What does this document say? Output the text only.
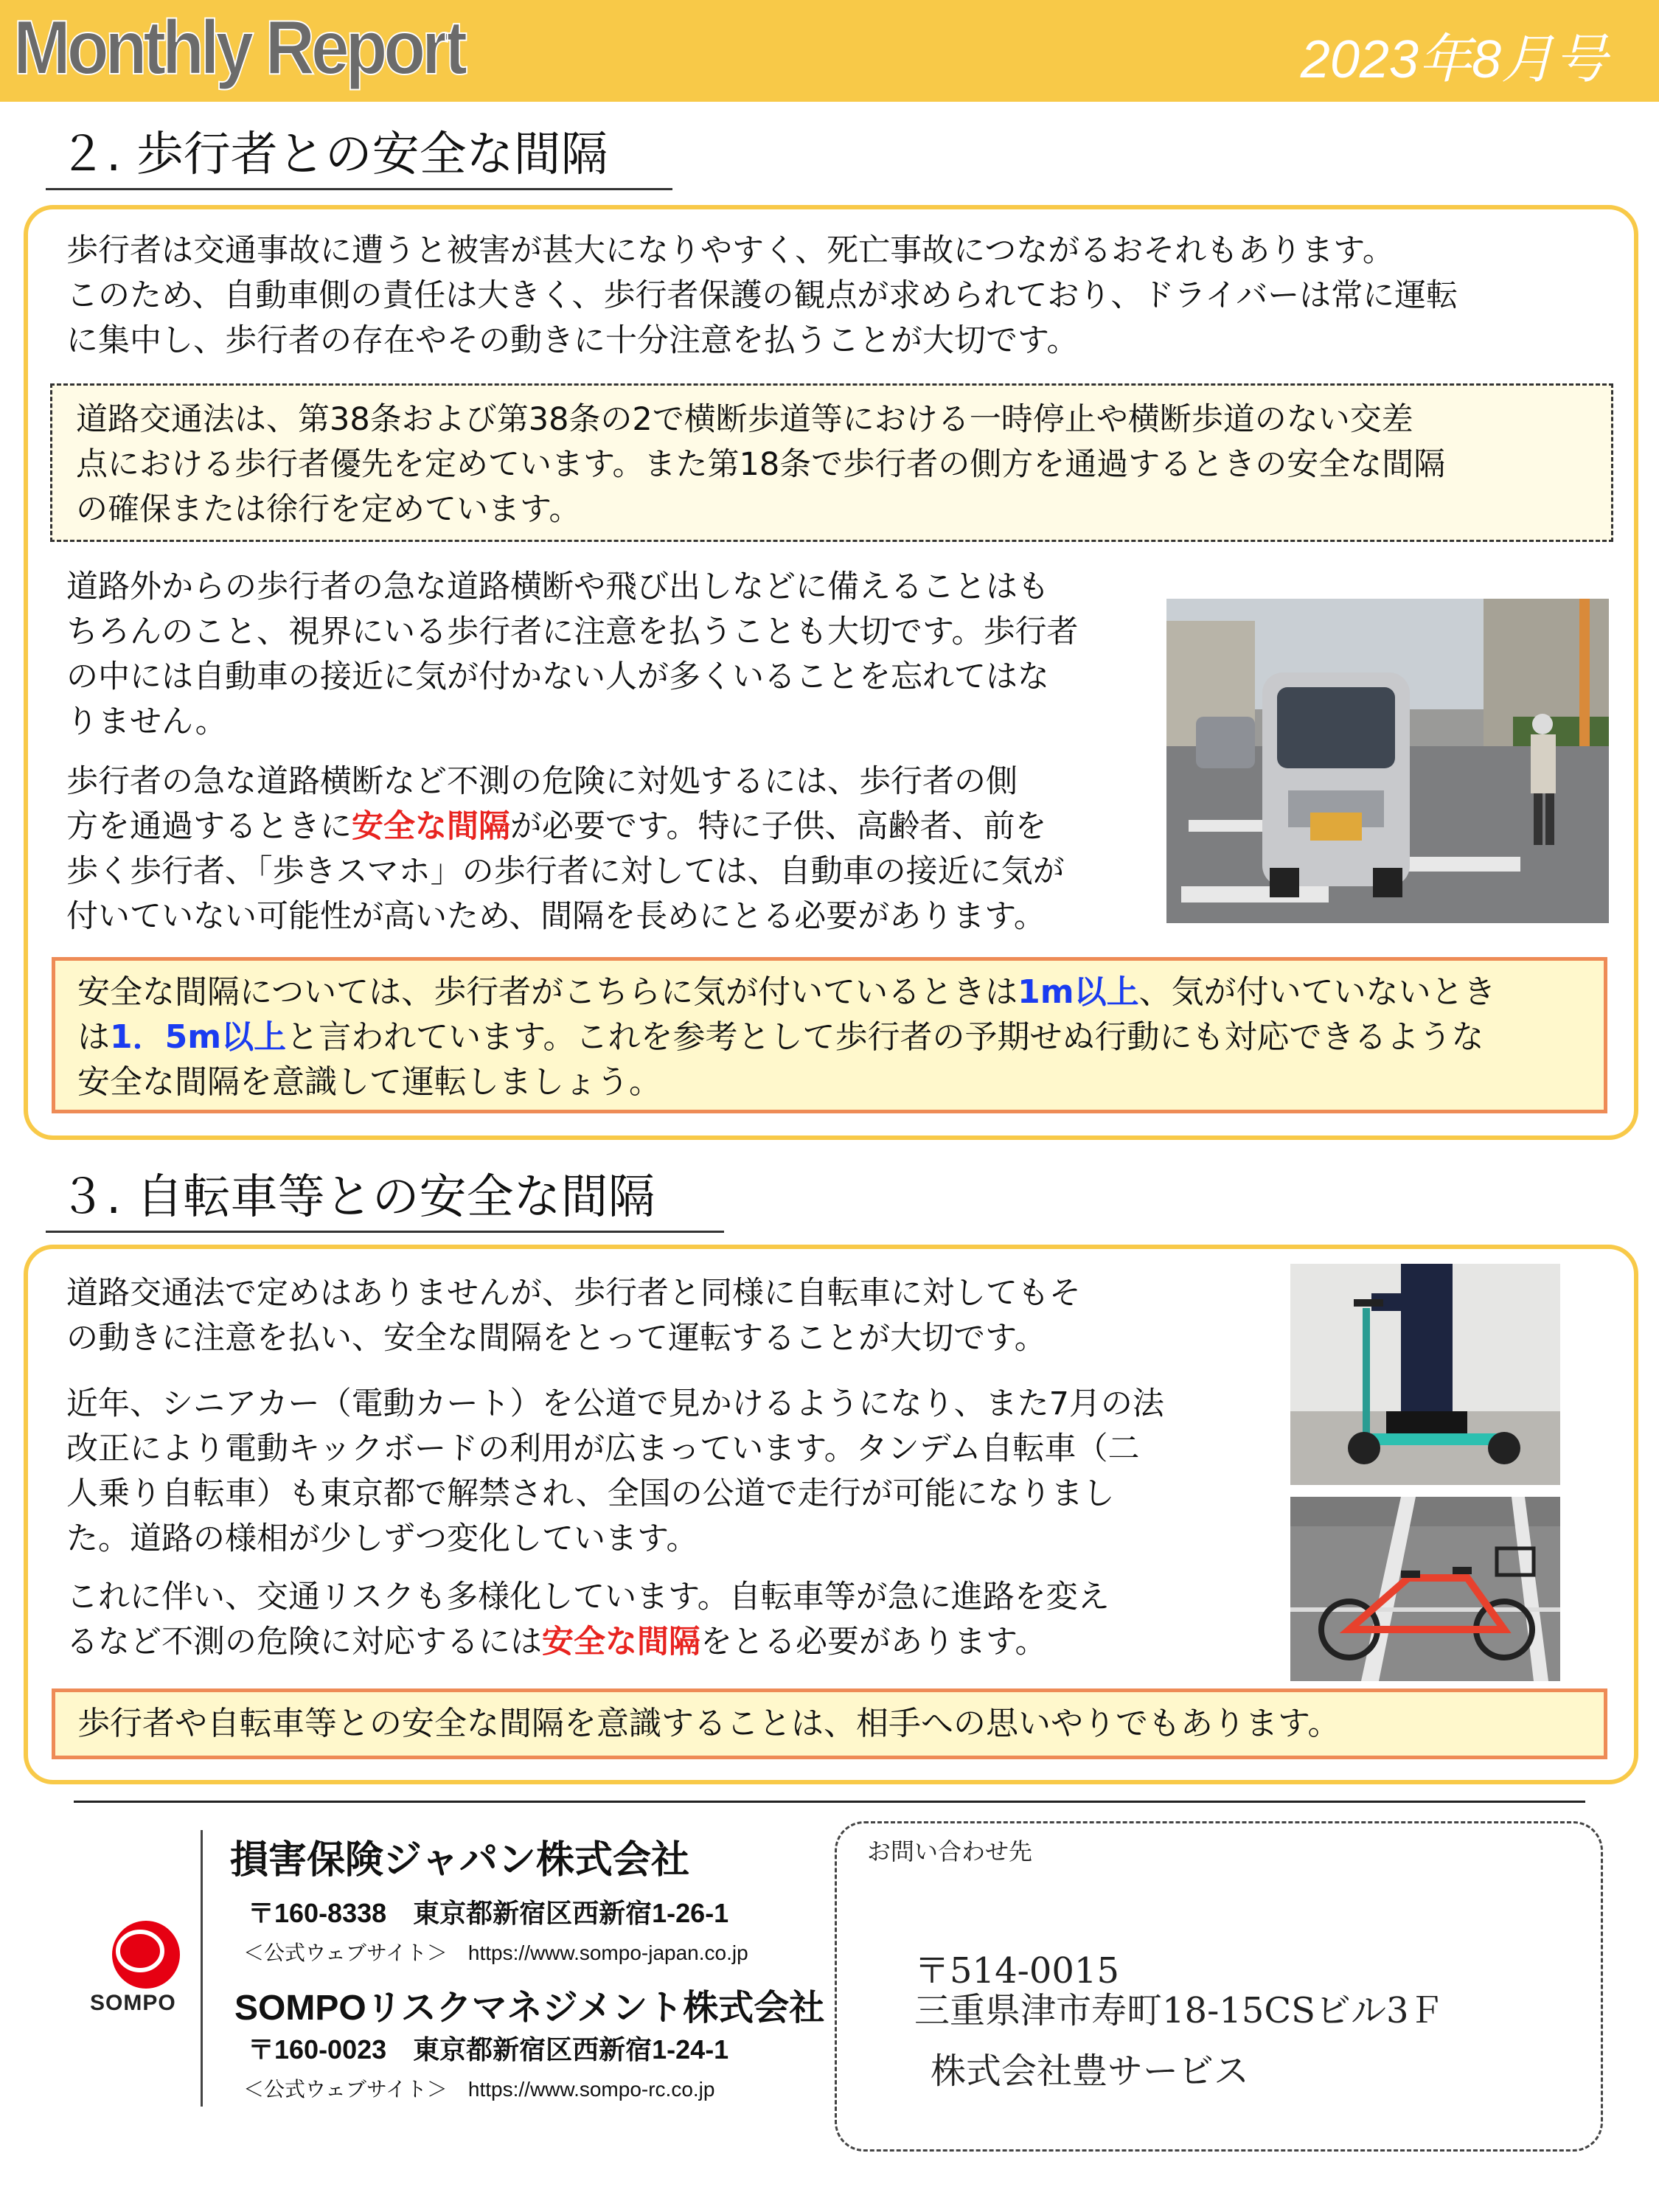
Monthly Report	2023年8月号
２. 歩行者との安全な間隔
歩行者は交通事故に遭うと被害が甚大になりやすく、死亡事故につながるおそれもあります。
このため、自動車側の責任は大きく、歩行者保護の観点が求められており、ドライバーは常に運転
に集中し、歩行者の存在やその動きに十分注意を払うことが大切です。
道路交通法は、第38条および第38条の2で横断歩道等における一時停止や横断歩道のない交差
点における歩行者優先を定めています。また第18条で歩行者の側方を通過するときの安全な間隔
の確保または徐行を定めています。
道路外からの歩行者の急な道路横断や飛び出しなどに備えることはも
ちろんのこと、視界にいる歩行者に注意を払うことも大切です。歩行者
の中には自動車の接近に気が付かない人が多くいることを忘れてはな
りません。
歩行者の急な道路横断など不測の危険に対処するには、歩行者の側
方を通過するときに安全な間隔が必要です。特に子供、高齢者、前を
歩く歩行者、「歩きスマホ」の歩行者に対しては、自動車の接近に気が
付いていない可能性が高いため、間隔を長めにとる必要があります。
安全な間隔については、歩行者がこちらに気が付いているときは1m以上、気が付いていないとき
は1．5m以上と言われています。これを参考として歩行者の予期せぬ行動にも対応できるような
安全な間隔を意識して運転しましょう。
３. 自転車等との安全な間隔
道路交通法で定めはありませんが、歩行者と同様に自転車に対してもそ
の動きに注意を払い、安全な間隔をとって運転することが大切です。
近年、シニアカー（電動カート）を公道で見かけるようになり、また7月の法
改正により電動キックボードの利用が広まっています。タンデム自転車（二
人乗り自転車）も東京都で解禁され、全国の公道で走行が可能になりまし
た。道路の様相が少しずつ変化しています。
これに伴い、交通リスクも多様化しています。自転車等が急に進路を変え
るなど不測の危険に対応するには安全な間隔をとる必要があります。
歩行者や自転車等との安全な間隔を意識することは、相手への思いやりでもあります。
SOMPO
損害保険ジャパン株式会社
〒160-8338　東京都新宿区西新宿1-26-1
＜公式ウェブサイト＞　https://www.sompo-japan.co.jp
SOMPOリスクマネジメント株式会社
〒160-0023　東京都新宿区西新宿1-24-1
＜公式ウェブサイト＞　https://www.sompo-rc.co.jp
お問い合わせ先
〒514-0015
三重県津市寿町18-15CSビル3Ｆ
株式会社豊サービス
